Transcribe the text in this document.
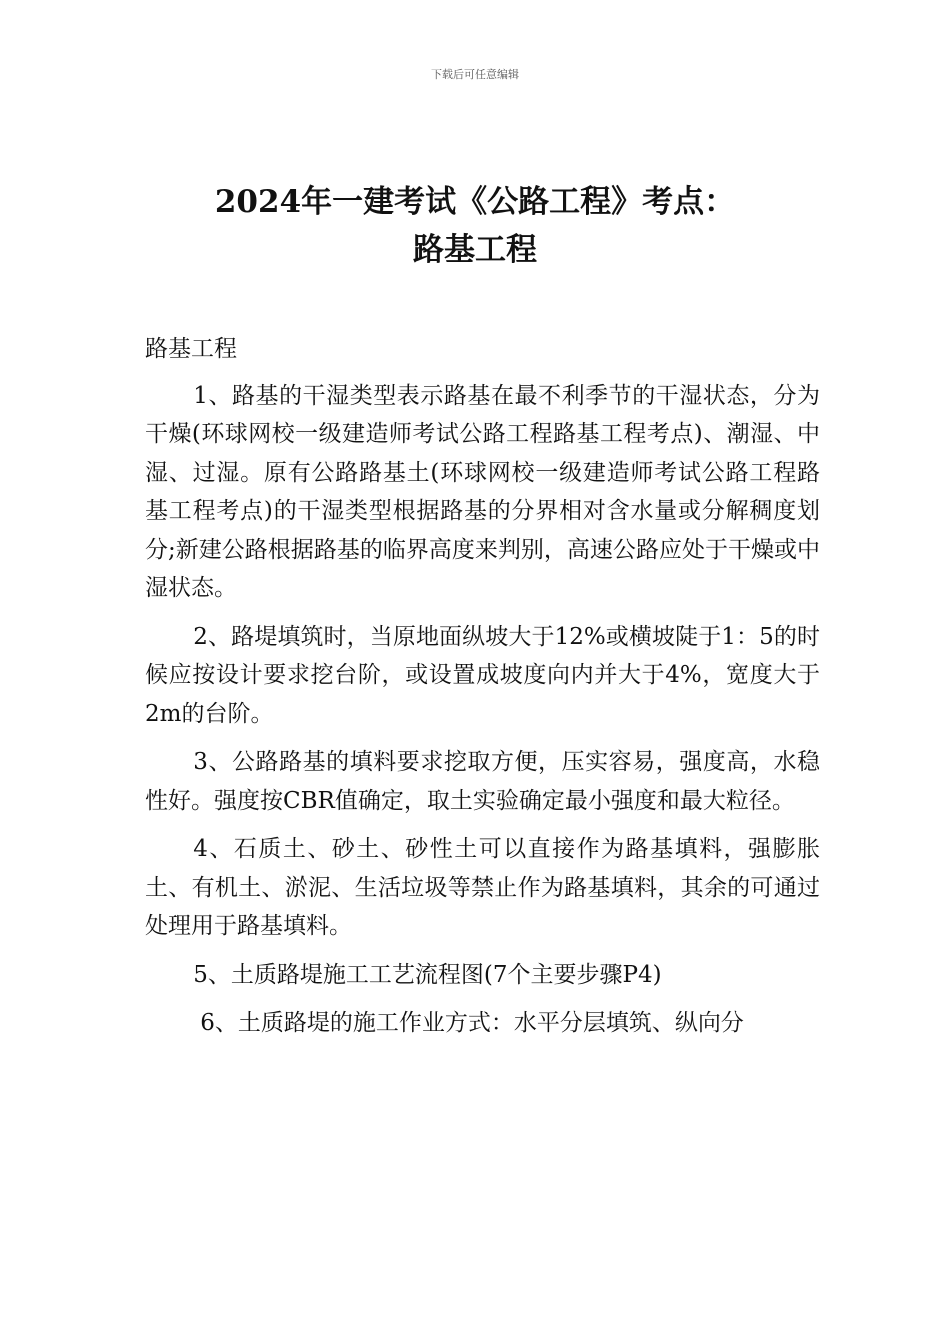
下载后可任意编辑
2024年一建考试《公路工程》考点：
路基工程

路基工程

1、路基的干湿类型表示路基在最不利季节的干湿状态，分为干燥(环球网校一级建造师考试公路工程路基工程考点)、潮湿、中湿、过湿。原有公路路基土(环球网校一级建造师考试公路工程路基工程考点)的干湿类型根据路基的分界相对含水量或分解稠度划分;新建公路根据路基的临界高度来判别，高速公路应处于干燥或中湿状态。

2、路堤填筑时，当原地面纵坡大于12%或横坡陡于1：5的时候应按设计要求挖台阶，或设置成坡度向内并大于4%，宽度大于2m的台阶。

3、公路路基的填料要求挖取方便，压实容易，强度高，水稳性好。强度按CBR值确定，取土实验确定最小强度和最大粒径。

4、石质土、砂土、砂性土可以直接作为路基填料，强膨胀土、有机土、淤泥、生活垃圾等禁止作为路基填料，其余的可通过处理用于路基填料。

5、土质路堤施工工艺流程图(7个主要步骤P4)

6、土质路堤的施工作业方式：水平分层填筑、纵向分
